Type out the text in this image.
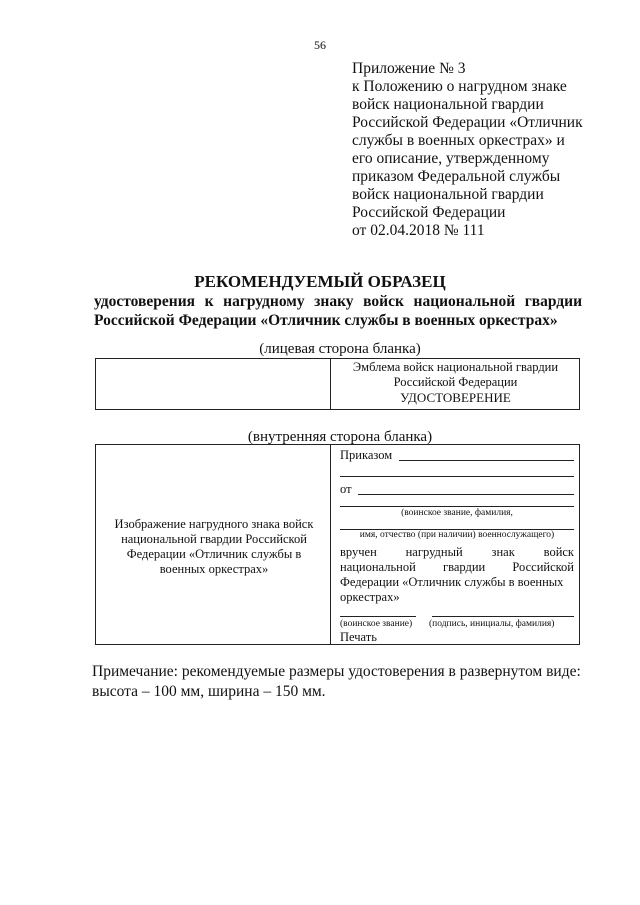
56
Приложение № 3
к Положению о нагрудном знаке
войск национальной гвардии
Российской Федерации «Отличник
службы в военных оркестрах» и
его описание, утвержденному
приказом Федеральной службы
войск национальной гвардии
Российской Федерации
от 02.04.2018 № 111
РЕКОМЕНДУЕМЫЙ ОБРАЗЕЦ
удостоверения к нагрудному знаку войск национальной гвардии
Российской Федерации «Отличник службы в военных оркестрах»
(лицевая сторона бланка)
Эмблема войск национальной гвардии
Российской Федерации
УДОСТОВЕРЕНИЕ
(внутренняя сторона бланка)
Изображение нагрудного знака войск
национальной гвардии Российской
Федерации «Отличник службы в
военных оркестрах»
Приказом
от
(воинское звание, фамилия,
имя, отчество (при наличии) военнослужащего)
вручен нагрудный знак войск
национальной гвардии Российской
Федерации «Отличник службы в военных
оркестрах»
(воинское звание) (подпись, инициалы, фамилия)
Печать
Примечание: рекомендуемые размеры удостоверения в развернутом виде:
высота – 100 мм, ширина – 150 мм.
